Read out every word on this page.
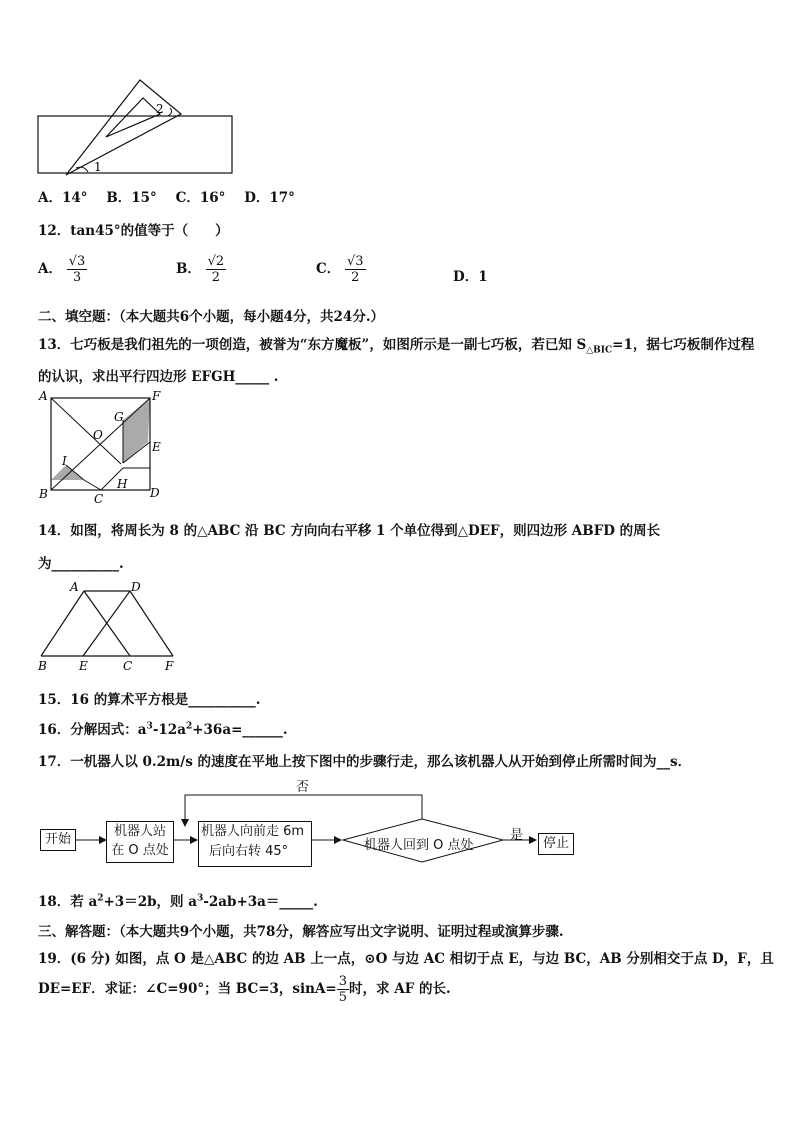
1
2
A．14° B．15° C．16° D．17°
12．tan45°的值等于（　　）
A． $\frac{√3}{3}$	B． $\frac{√2}{2}$	C． $\frac{√3}{2}$	D．1
二、填空题：（本大题共6个小题，每小题4分，共24分.）
13．七巧板是我们祖先的一项创造，被誉为“东方魔板”，如图所示是一副七巧板，若已知 $S_{\triangle BIC}=1$，据七巧板制作过程
的认识，求出平行四边形 EFGH_____ .
A	F
G
O
E
I
H
B	C	D
14．如图，将周长为 8 的△ABC 沿 BC 方向向右平移 1 个单位得到△DEF，则四边形 ABFD 的周长
为__________.
A	D
B	E	C	F
15．16 的算术平方根是__________.
16．分解因式：$a^3-12a^2+36a=\_\_\_\_\_\_$.
17．一机器人以 0.2m/s 的速度在平地上按下图中的步骤行走，那么该机器人从开始到停止所需时间为__s．
开始
机器人站
在 O 点处
机器人向前走 6m
后向右转 45°	机器人回到 O 点处
否
是
停止
18．若 $a^2+3=2b$，则 $a^3-2ab+3a=\_\_\_\_\_$.
三、解答题：（本大题共9个小题，共78分，解答应写出文字说明、证明过程或演算步骤.
19．(6 分) 如图，点 O 是△ABC 的边 AB 上一点，⊙O 与边 AC 相切于点 E，与边 BC，AB 分别相交于点 D，F，且
DE=EF．求证：∠C=90°；当 BC=3，$\sin A= \frac{3}{5}$ 时，求 AF 的长.
